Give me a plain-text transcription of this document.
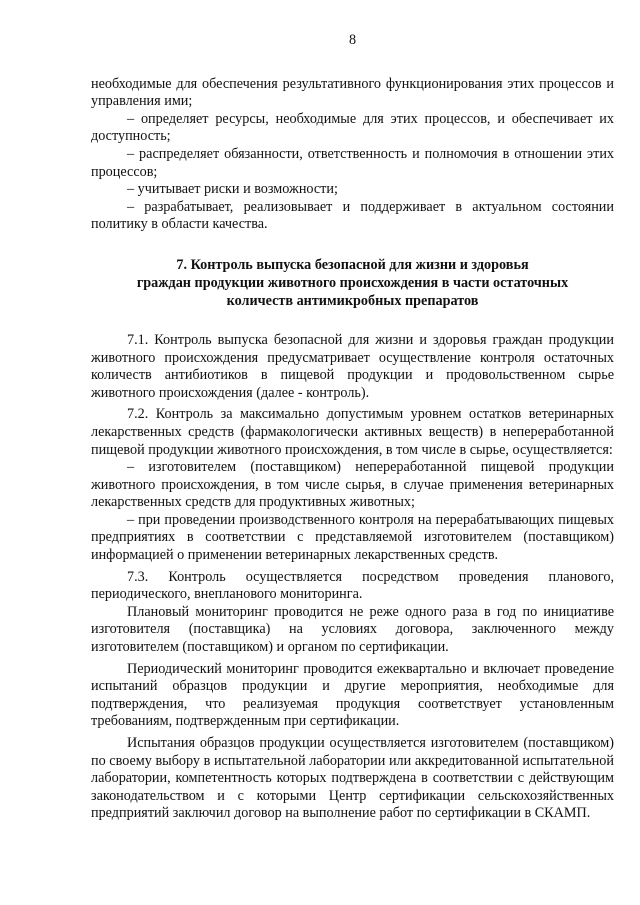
8

необходимые для обеспечения результативного функционирования этих процессов и управления ими;

– определяет ресурсы, необходимые для этих процессов, и обеспечивает их доступность;

– распределяет обязанности, ответственность и полномочия в отношении этих процессов;

– учитывает риски и возможности;

– разрабатывает, реализовывает и поддерживает в актуальном состоянии политику в области качества.

7. Контроль выпуска безопасной для жизни и здоровья
граждан продукции животного происхождения в части остаточных
количеств антимикробных препаратов

7.1. Контроль выпуска безопасной для жизни и здоровья граждан продукции животного происхождения предусматривает осуществление контроля остаточных количеств антибиотиков в пищевой продукции и продовольственном сырье животного происхождения (далее - контроль).

7.2. Контроль за максимально допустимым уровнем остатков ветеринарных лекарственных средств (фармакологически активных веществ) в непереработанной пищевой продукции животного происхождения, в том числе в сырье, осуществляется:

– изготовителем (поставщиком) непереработанной пищевой продукции животного происхождения, в том числе сырья, в случае применения ветеринарных лекарственных средств для продуктивных животных;

– при проведении производственного контроля на перерабатывающих пищевых предприятиях в соответствии с представляемой изготовителем (поставщиком) информацией о применении ветеринарных лекарственных средств.

7.3. Контроль осуществляется посредством проведения планового, периодического, внепланового мониторинга.

Плановый мониторинг проводится не реже одного раза в год по инициативе изготовителя (поставщика) на условиях договора, заключенного между изготовителем (поставщиком) и органом по сертификации.

Периодический мониторинг проводится ежеквартально и включает проведение испытаний образцов продукции и другие мероприятия, необходимые для подтверждения, что реализуемая продукция соответствует установленным требованиям, подтвержденным при сертификации.

Испытания образцов продукции осуществляется изготовителем (поставщиком) по своему выбору в испытательной лаборатории или аккредитованной испытательной лаборатории, компетентность которых подтверждена в соответствии с действующим законодательством и с которыми Центр сертификации сельскохозяйственных предприятий заключил договор на выполнение работ по сертификации в СКАМП.
